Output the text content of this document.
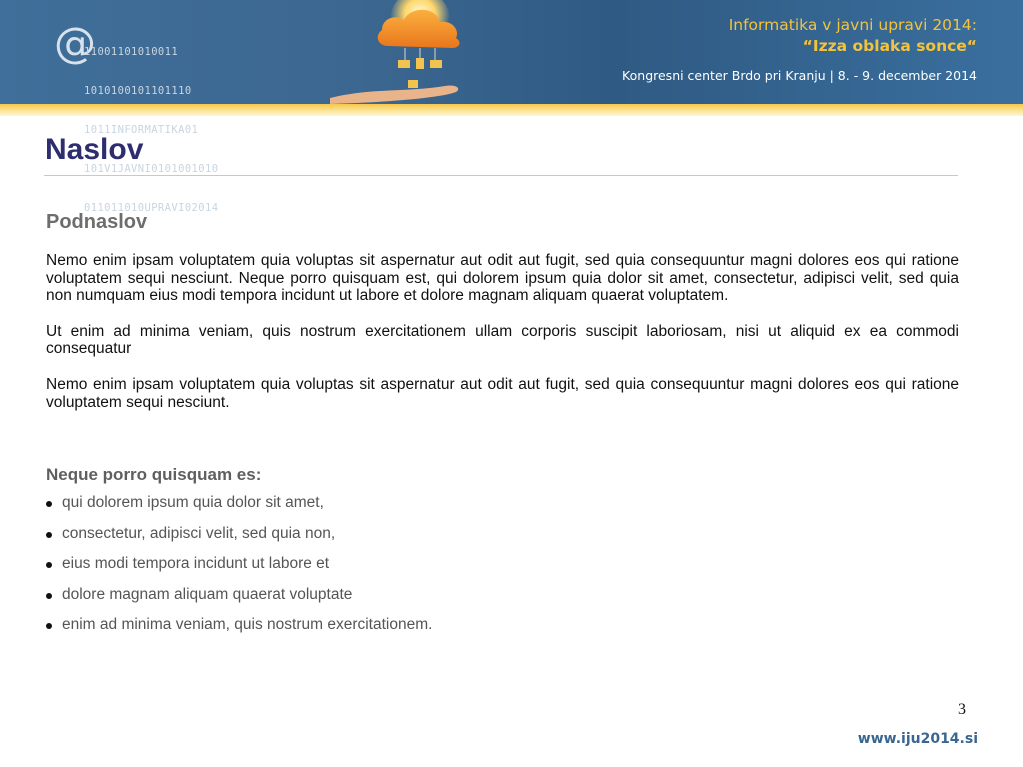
@

11001101010011

1010100101101110

1011INFORMATIKA01

101V1JAVNI0101001010

011011010UPRAVI02014

Informatika v javni upravi 2014:
“Izza oblaka sonce“
Kongresni center Brdo pri Kranju | 8. - 9. december 2014
Naslov
Podnaslov

Nemo enim ipsam voluptatem quia voluptas sit aspernatur aut odit aut fugit, sed quia consequuntur magni dolores eos qui ratione voluptatem sequi nesciunt. Neque porro quisquam est, qui dolorem ipsum quia dolor sit amet, consectetur, adipisci velit, sed quia non numquam eius modi tempora incidunt ut labore et dolore magnam aliquam quaerat voluptatem.

Ut enim ad minima veniam, quis nostrum exercitationem ullam corporis suscipit laboriosam, nisi ut aliquid ex ea commodi consequatur

Nemo enim ipsam voluptatem quia voluptas sit aspernatur aut odit aut fugit, sed quia consequuntur magni dolores eos qui ratione voluptatem sequi nesciunt.

Neque porro quisquam es:
qui dolorem ipsum quia dolor sit amet,
consectetur, adipisci velit, sed quia non,
eius modi tempora incidunt ut labore et
dolore magnam aliquam quaerat voluptate
enim ad minima veniam, quis nostrum exercitationem.
3
www.iju2014.si
